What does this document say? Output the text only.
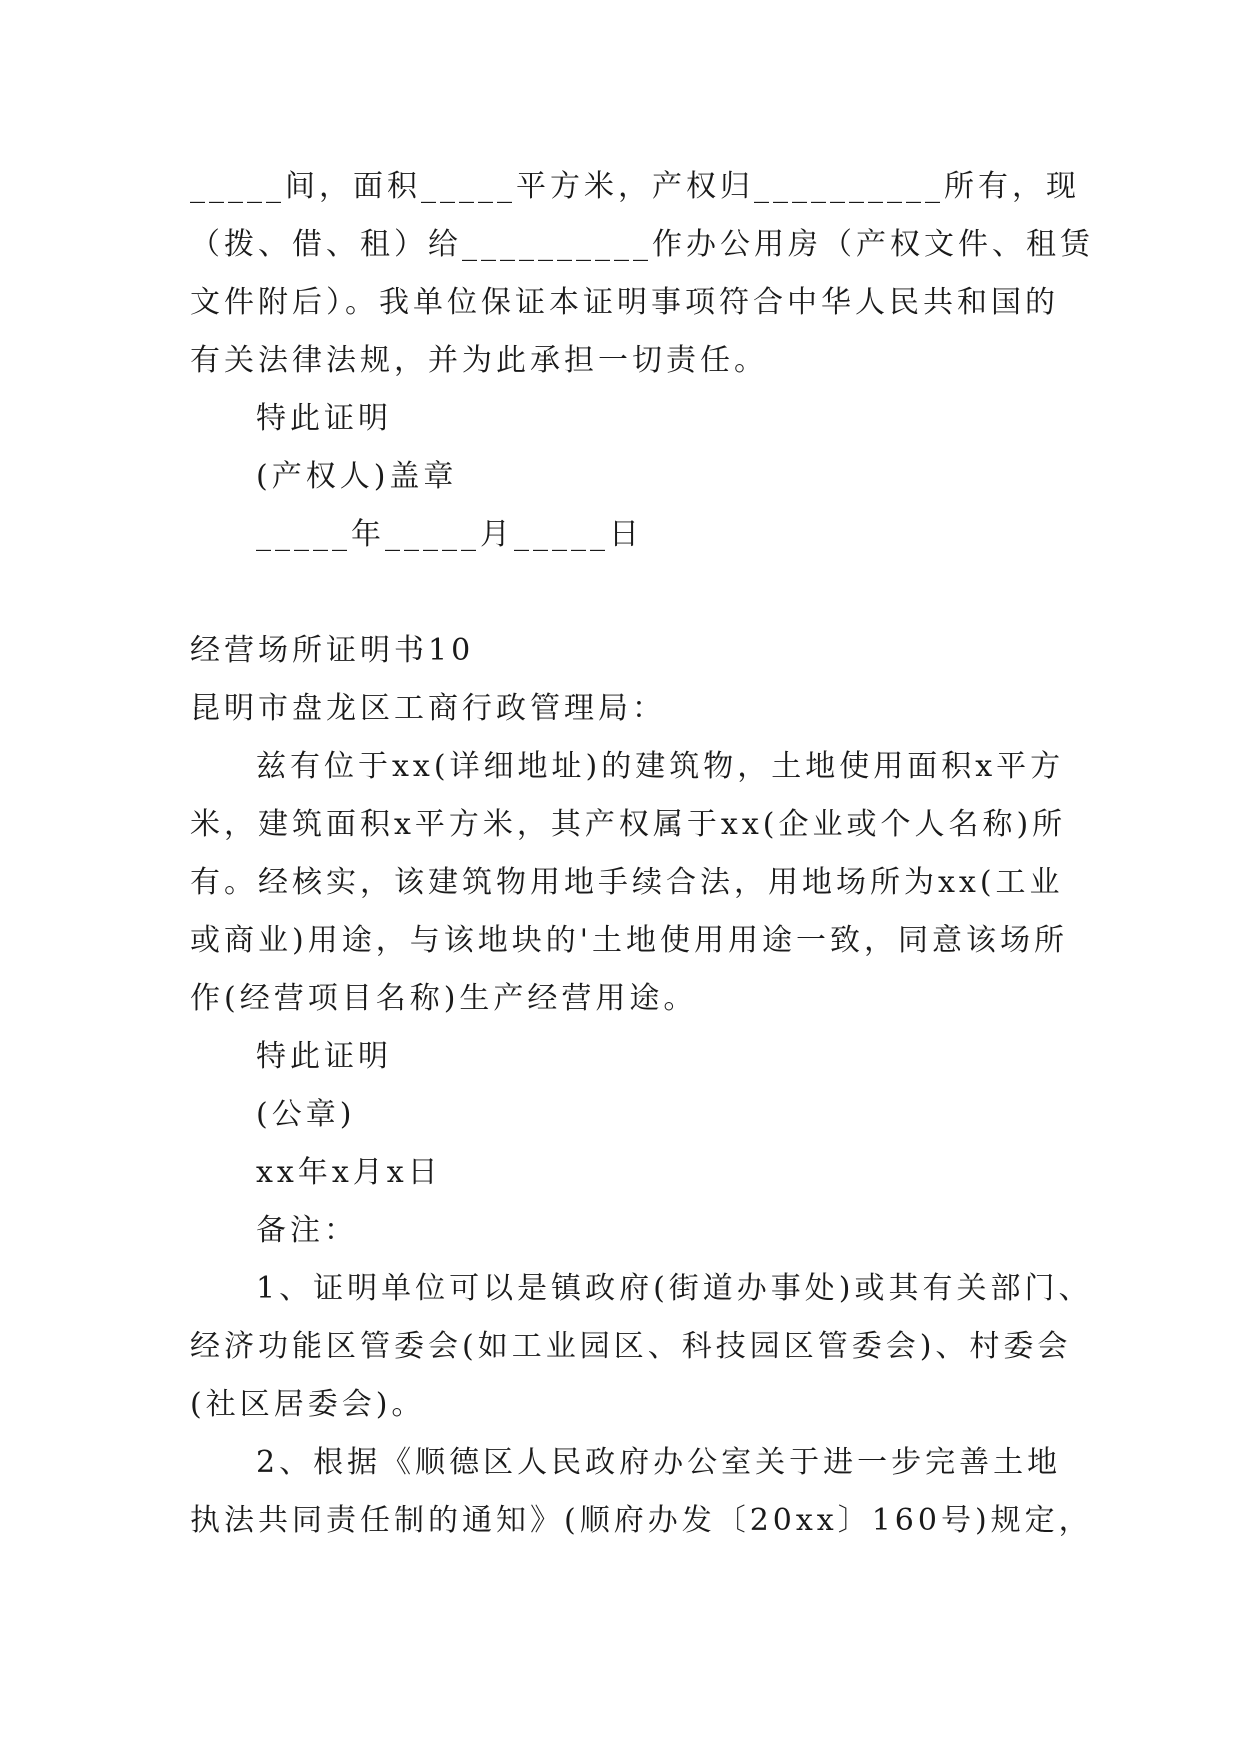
_____间，面积_____平方米，产权归__________所有，现
（拨、借、租）给__________作办公用房（产权文件、租赁
文件附后）。我单位保证本证明事项符合中华人民共和国的
有关法律法规，并为此承担一切责任。
特此证明
(产权人)盖章
_____年_____月_____日
经营场所证明书10
昆明市盘龙区工商行政管理局：
兹有位于xx(详细地址)的建筑物，土地使用面积x平方
米，建筑面积x平方米，其产权属于xx(企业或个人名称)所
有。经核实，该建筑物用地手续合法，用地场所为xx(工业
或商业)用途，与该地块的'土地使用用途一致，同意该场所
作(经营项目名称)生产经营用途。
特此证明
(公章)
xx年x月x日
备注：
1、证明单位可以是镇政府(街道办事处)或其有关部门、
经济功能区管委会(如工业园区、科技园区管委会)、村委会
(社区居委会)。
2、根据《顺德区人民政府办公室关于进一步完善土地
执法共同责任制的通知》(顺府办发〔20xx〕160号)规定，
